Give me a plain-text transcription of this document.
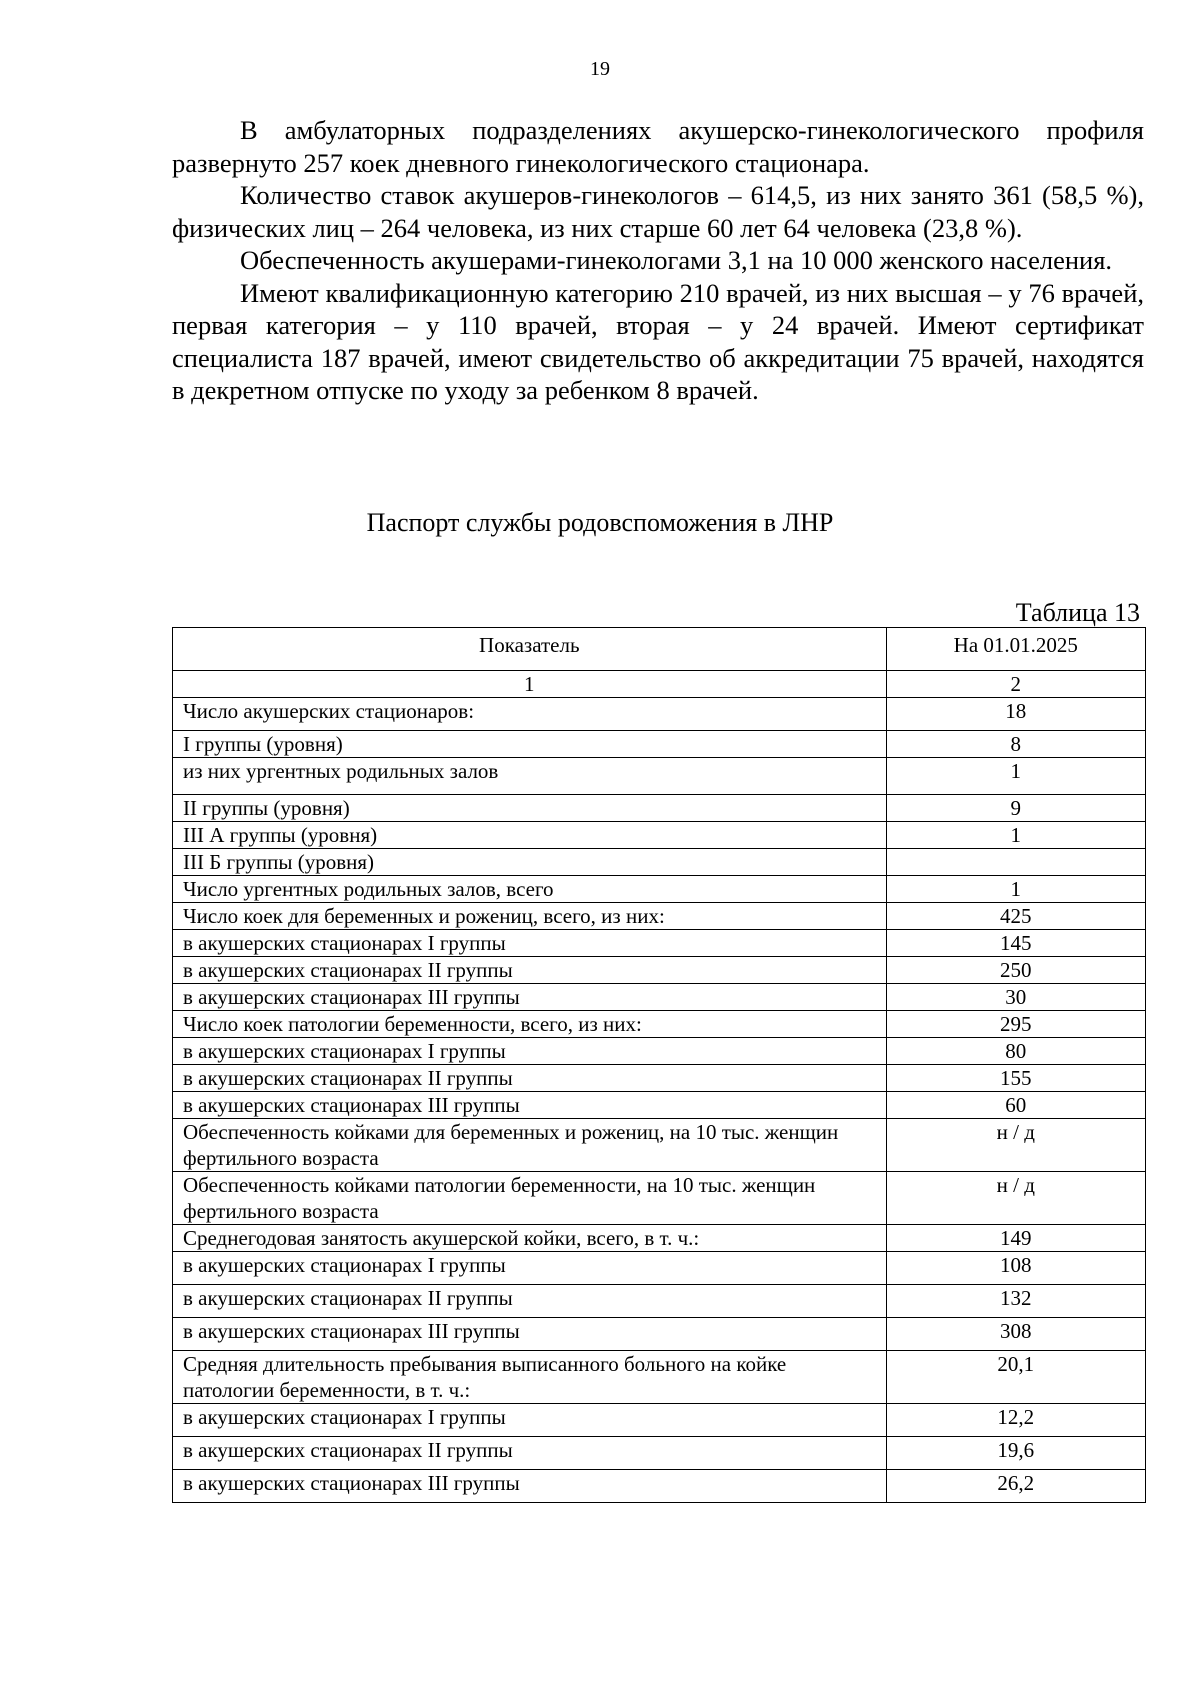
19

В амбулаторных подразделениях акушерско-гинекологического профиля развернуто 257 коек дневного гинекологического стационара.

Количество ставок акушеров-гинекологов – 614,5, из них занято 361 (58,5 %), физических лиц – 264 человека, из них старше 60 лет 64 человека (23,8 %).

Обеспеченность акушерами-гинекологами 3,1 на 10 000 женского населения.

Имеют квалификационную категорию 210 врачей, из них высшая – у 76 врачей, первая категория – у 110 врачей, вторая – у 24 врачей. Имеют сертификат специалиста 187 врачей, имеют свидетельство об аккредитации 75 врачей, находятся в декретном отпуске по уходу за ребенком 8 врачей.

Паспорт службы родовспоможения в ЛНР
Таблица 13
Показатель	На 01.01.2025
1	2
Число акушерских стационаров:	18
I группы (уровня)	8
из них ургентных родильных залов	1
II группы (уровня)	9
III А группы (уровня)	1
III Б группы (уровня)	
Число ургентных родильных залов, всего	1
Число коек для беременных и рожениц, всего, из них:	425
в акушерских стационарах I группы	145
в акушерских стационарах II группы	250
в акушерских стационарах III группы	30
Число коек патологии беременности, всего, из них:	295
в акушерских стационарах I группы	80
в акушерских стационарах II группы	155
в акушерских стационарах III группы	60
Обеспеченность койками для беременных и рожениц, на 10 тыс. женщин фертильного возраста	н / д
Обеспеченность койками патологии беременности, на 10 тыс. женщин фертильного возраста	н / д
Среднегодовая занятость акушерской койки, всего, в т. ч.:	149
в акушерских стационарах I группы	108
в акушерских стационарах II группы	132
в акушерских стационарах III группы	308
Средняя длительность пребывания выписанного больного на койке патологии беременности, в т. ч.:	20,1
в акушерских стационарах I группы	12,2
в акушерских стационарах II группы	19,6
в акушерских стационарах III группы	26,2
